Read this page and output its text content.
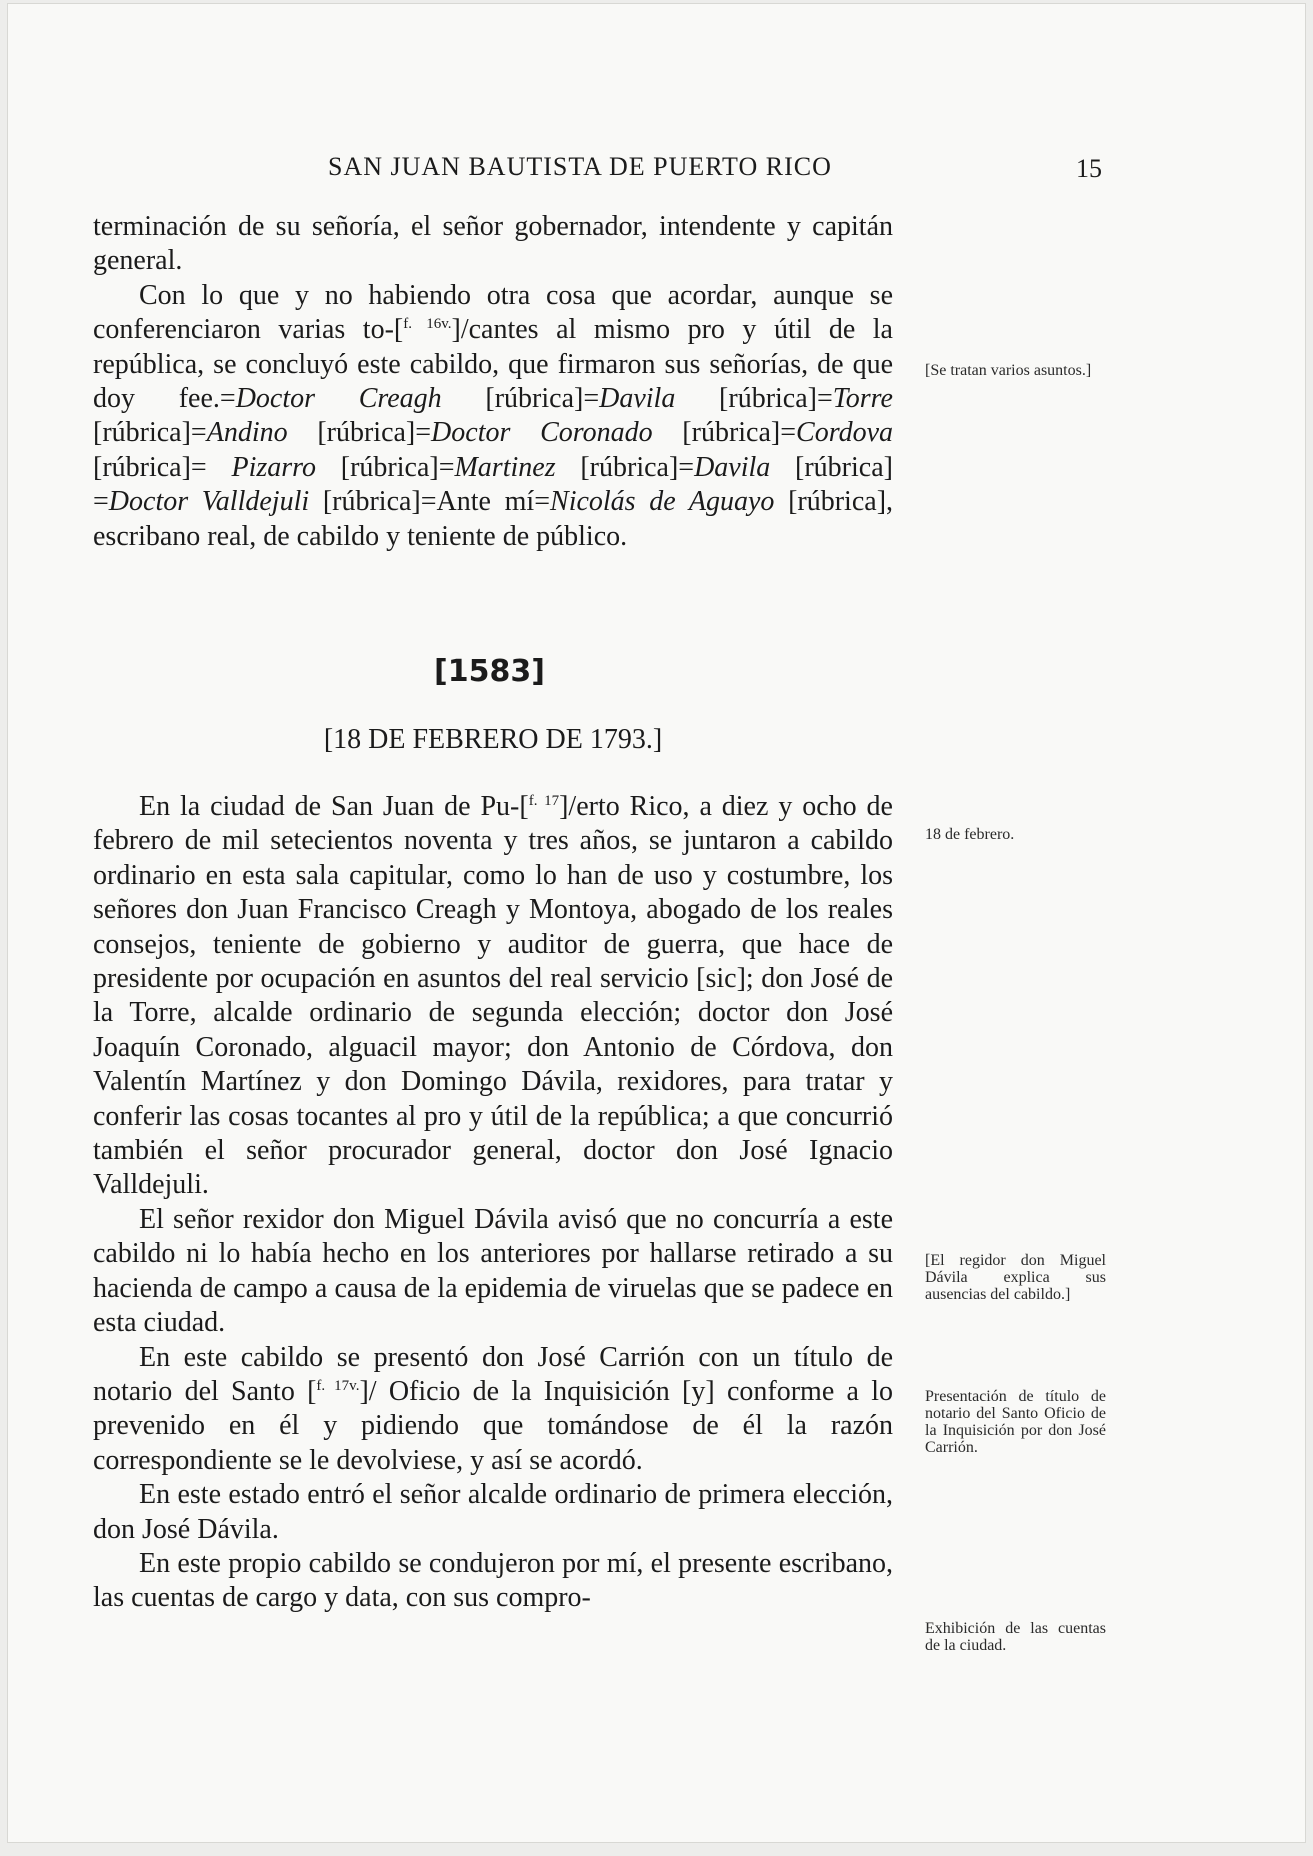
SAN JUAN BAUTISTA DE PUERTO RICO	15

terminación de su señoría, el señor gobernador, intendente y capitán general.

Con lo que y no habiendo otra cosa que acordar, aunque se conferenciaron varias to-[$^{f. 16v.}$]/cantes al mismo pro y útil de la república, se concluyó este cabildo, que firmaron sus señorías, de que doy fee.=Doctor Creagh [rúbrica]=Davila [rúbrica]=Torre [rúbrica]=Andino [rúbrica]=Doctor Coronado [rúbrica]=Cordova [rúbrica]= Pizarro [rúbrica]=Martinez [rúbrica]=Davila [rúbrica] =Doctor Valldejuli [rúbrica]=Ante mí=Nicolás de Aguayo [rúbrica], escribano real, de cabildo y teniente de público.

[1583]
[18 DE FEBRERO DE 1793.]

En la ciudad de San Juan de Pu-[$^{f. 17}$]/erto Rico, a diez y ocho de febrero de mil setecientos noventa y tres años, se juntaron a cabildo ordinario en esta sala capitular, como lo han de uso y costumbre, los señores don Juan Francisco Creagh y Montoya, abogado de los reales consejos, teniente de gobierno y auditor de guerra, que hace de presidente por ocupación en asuntos del real servicio [sic]; don José de la Torre, alcalde ordinario de segunda elección; doctor don José Joaquín Coronado, alguacil mayor; don Antonio de Córdova, don Valentín Martínez y don Domingo Dávila, rexidores, para tratar y conferir las cosas tocantes al pro y útil de la república; a que concurrió también el señor procurador general, doctor don José Ignacio Valldejuli.

El señor rexidor don Miguel Dávila avisó que no concurría a este cabildo ni lo había hecho en los anteriores por hallarse retirado a su hacienda de campo a causa de la epidemia de viruelas que se padece en esta ciudad.

En este cabildo se presentó don José Carrión con un título de notario del Santo [$^{f. 17v.}$]/ Oficio de la Inquisición [y] conforme a lo prevenido en él y pidiendo que tomándose de él la razón correspondiente se le devolviese, y así se acordó.

En este estado entró el señor alcalde ordinario de primera elección, don José Dávila.

En este propio cabildo se condujeron por mí, el presente escribano, las cuentas de cargo y data, con sus compro-

[Se tratan varios asuntos.]
18 de febrero.
[El regidor don Miguel Dávila explica sus ausencias del cabildo.]
Presentación de título de notario del Santo Oficio de la Inquisición por don José Carrión.
Exhibición de las cuentas de la ciudad.
